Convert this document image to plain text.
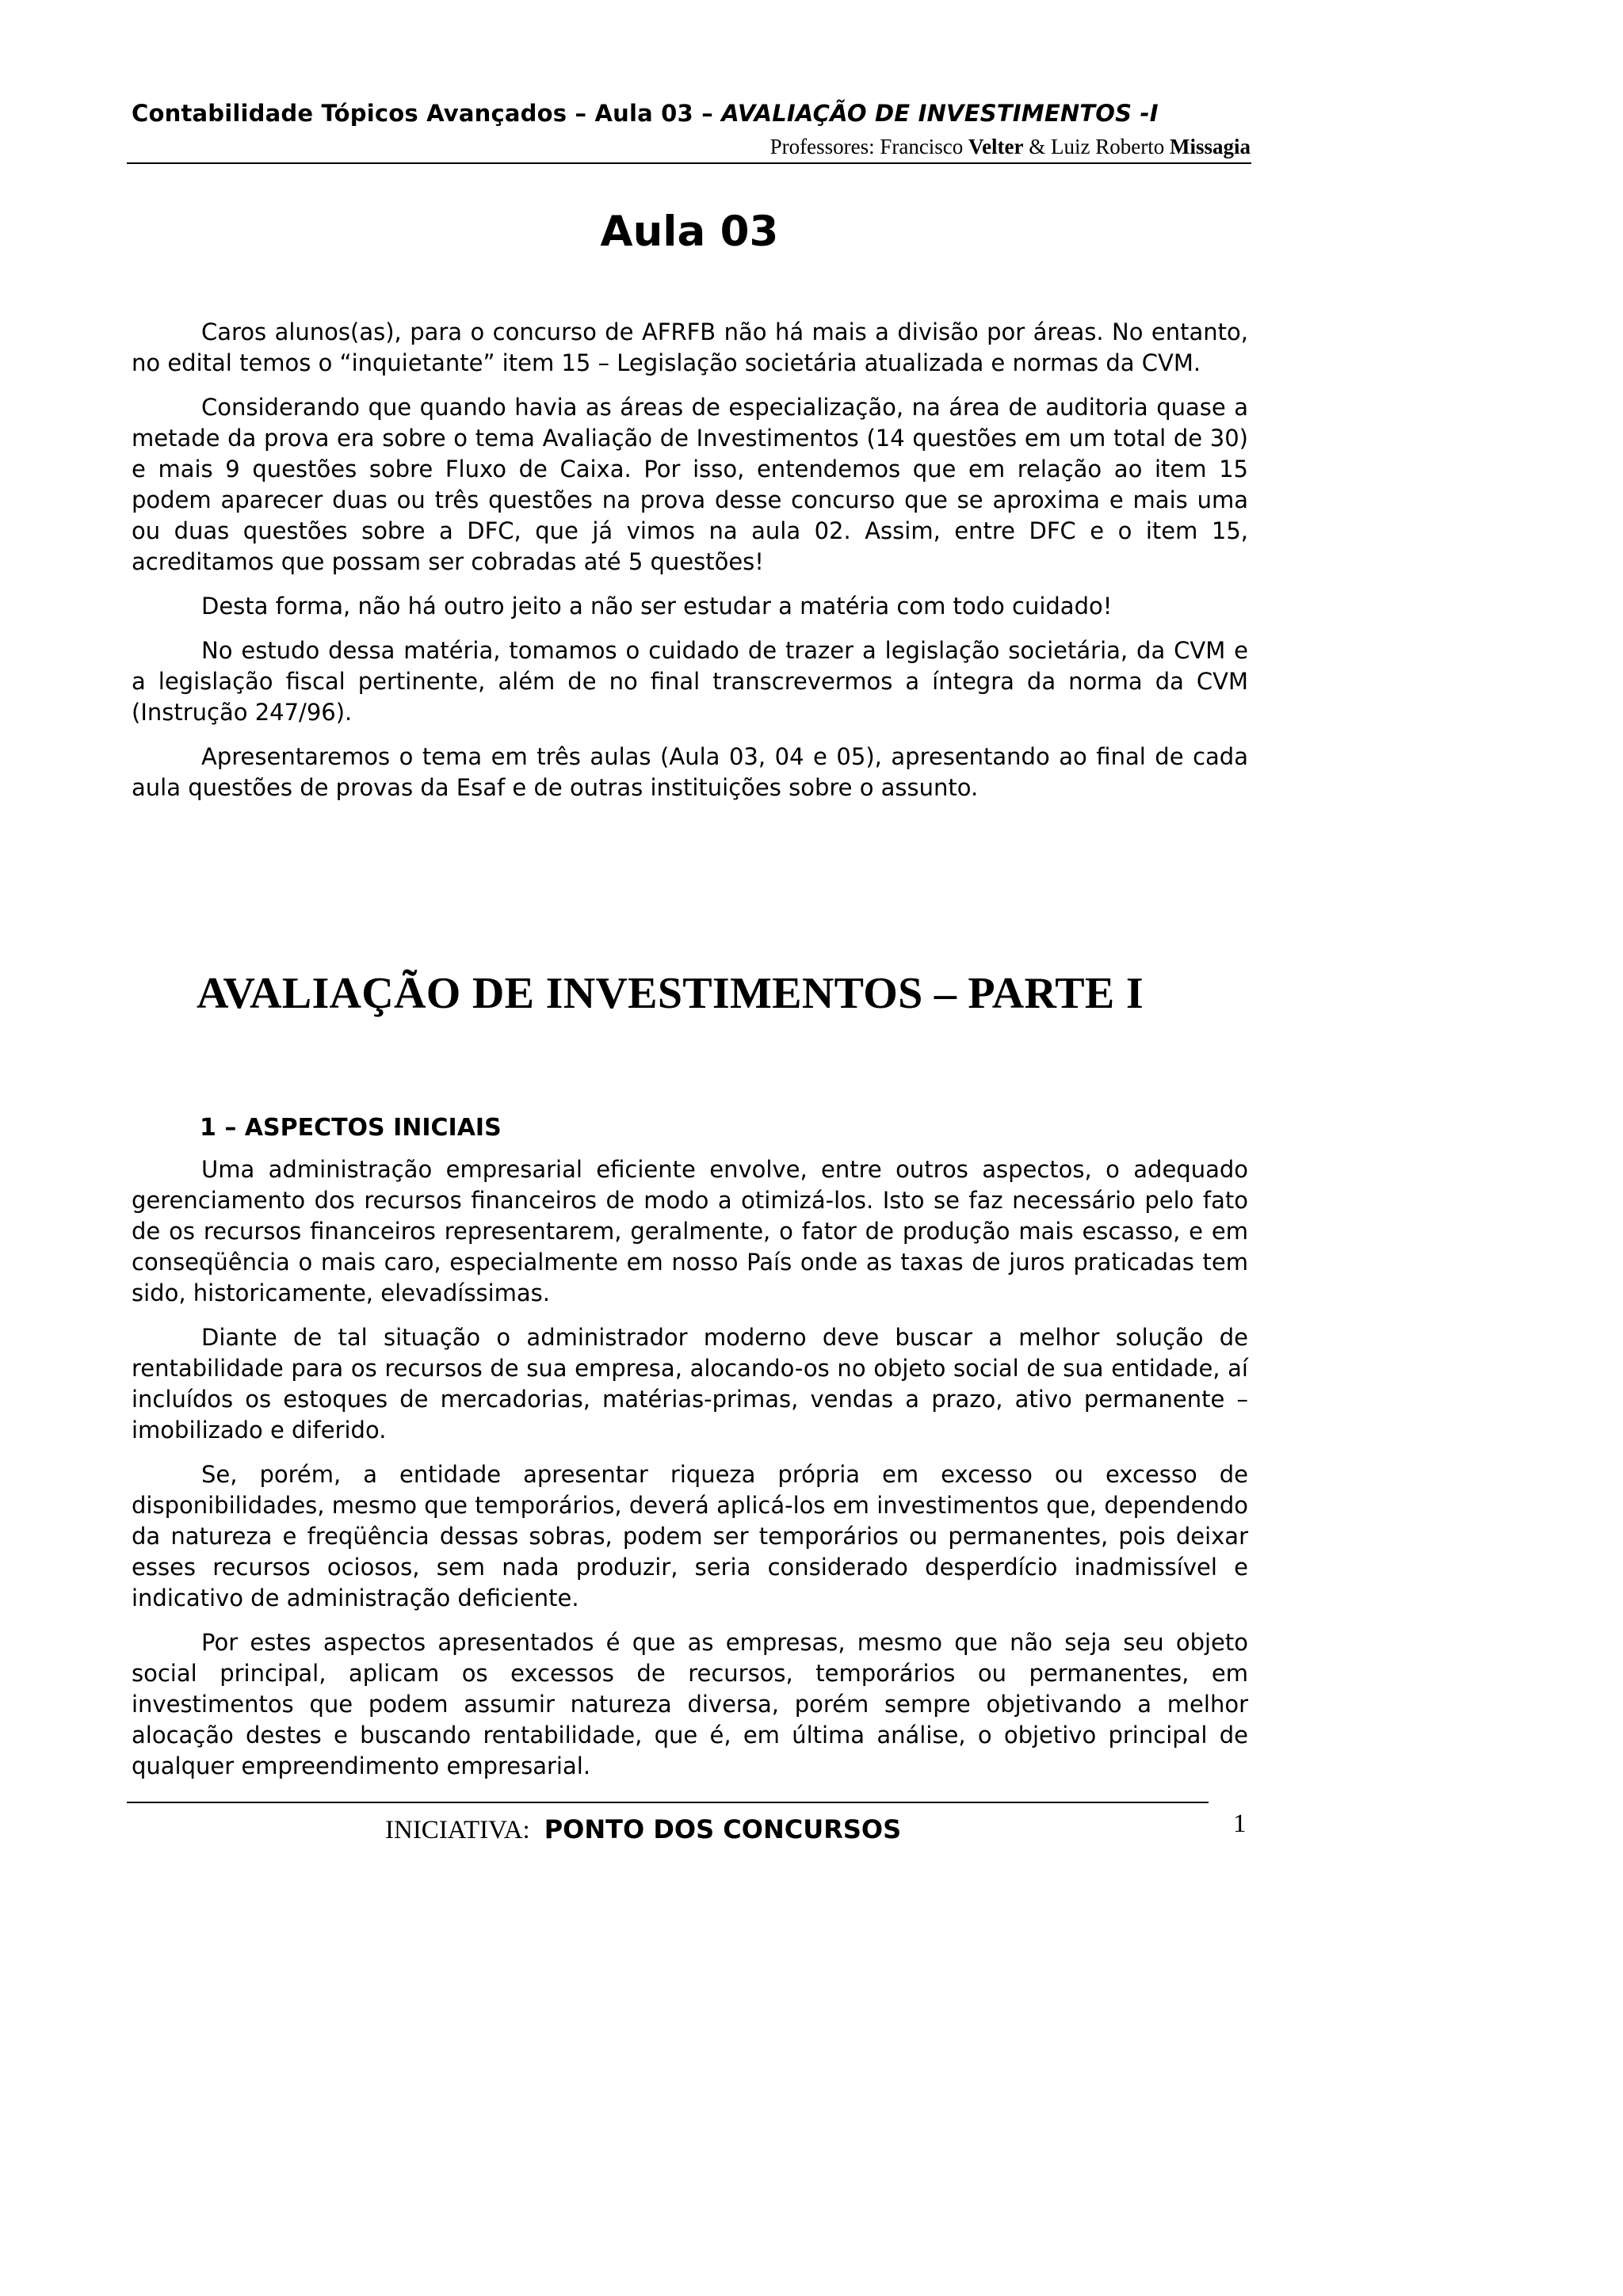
Contabilidade Tópicos Avançados – Aula 03 – AVALIAÇÃO DE INVESTIMENTOS -I
Professores: Francisco Velter & Luiz Roberto Missagia
Aula 03

Caros alunos(as), para o concurso de AFRFB não há mais a divisão por áreas. No entanto, no edital temos o “inquietante” item 15 – Legislação societária atualizada e normas da CVM.

Considerando que quando havia as áreas de especialização, na área de auditoria quase a metade da prova era sobre o tema Avaliação de Investimentos (14 questões em um total de 30) e mais 9 questões sobre Fluxo de Caixa. Por isso, entendemos que em relação ao item 15 podem aparecer duas ou três questões na prova desse concurso que se aproxima e mais uma ou duas questões sobre a DFC, que já vimos na aula 02. Assim, entre DFC e o item 15, acreditamos que possam ser cobradas até 5 questões!

Desta forma, não há outro jeito a não ser estudar a matéria com todo cuidado!

No estudo dessa matéria, tomamos o cuidado de trazer a legislação societária, da CVM e a legislação fiscal pertinente, além de no final transcrevermos a íntegra da norma da CVM (Instrução 247/96).

Apresentaremos o tema em três aulas (Aula 03, 04 e 05), apresentando ao final de cada aula questões de provas da Esaf e de outras instituições sobre o assunto.

AVALIAÇÃO DE INVESTIMENTOS – PARTE I
1 – ASPECTOS INICIAIS

Uma administração empresarial eficiente envolve, entre outros aspectos, o adequado gerenciamento dos recursos financeiros de modo a otimizá-los. Isto se faz necessário pelo fato de os recursos financeiros representarem, geralmente, o fator de produção mais escasso, e em conseqüência o mais caro, especialmente em nosso País onde as taxas de juros praticadas tem sido, historicamente, elevadíssimas.

Diante de tal situação o administrador moderno deve buscar a melhor solução de rentabilidade para os recursos de sua empresa, alocando-os no objeto social de sua entidade, aí incluídos os estoques de mercadorias, matérias-primas, vendas a prazo, ativo permanente – imobilizado e diferido.

Se, porém, a entidade apresentar riqueza própria em excesso ou excesso de disponibilidades, mesmo que temporários, deverá aplicá-los em investimentos que, dependendo da natureza e freqüência dessas sobras, podem ser temporários ou permanentes, pois deixar esses recursos ociosos, sem nada produzir, seria considerado desperdício inadmissível e indicativo de administração deficiente.

Por estes aspectos apresentados é que as empresas, mesmo que não seja seu objeto social principal, aplicam os excessos de recursos, temporários ou permanentes, em investimentos que podem assumir natureza diversa, porém sempre objetivando a melhor alocação destes e buscando rentabilidade, que é, em última análise, o objetivo principal de qualquer empreendimento empresarial.

INICIATIVA: PONTO DOS CONCURSOS	1
